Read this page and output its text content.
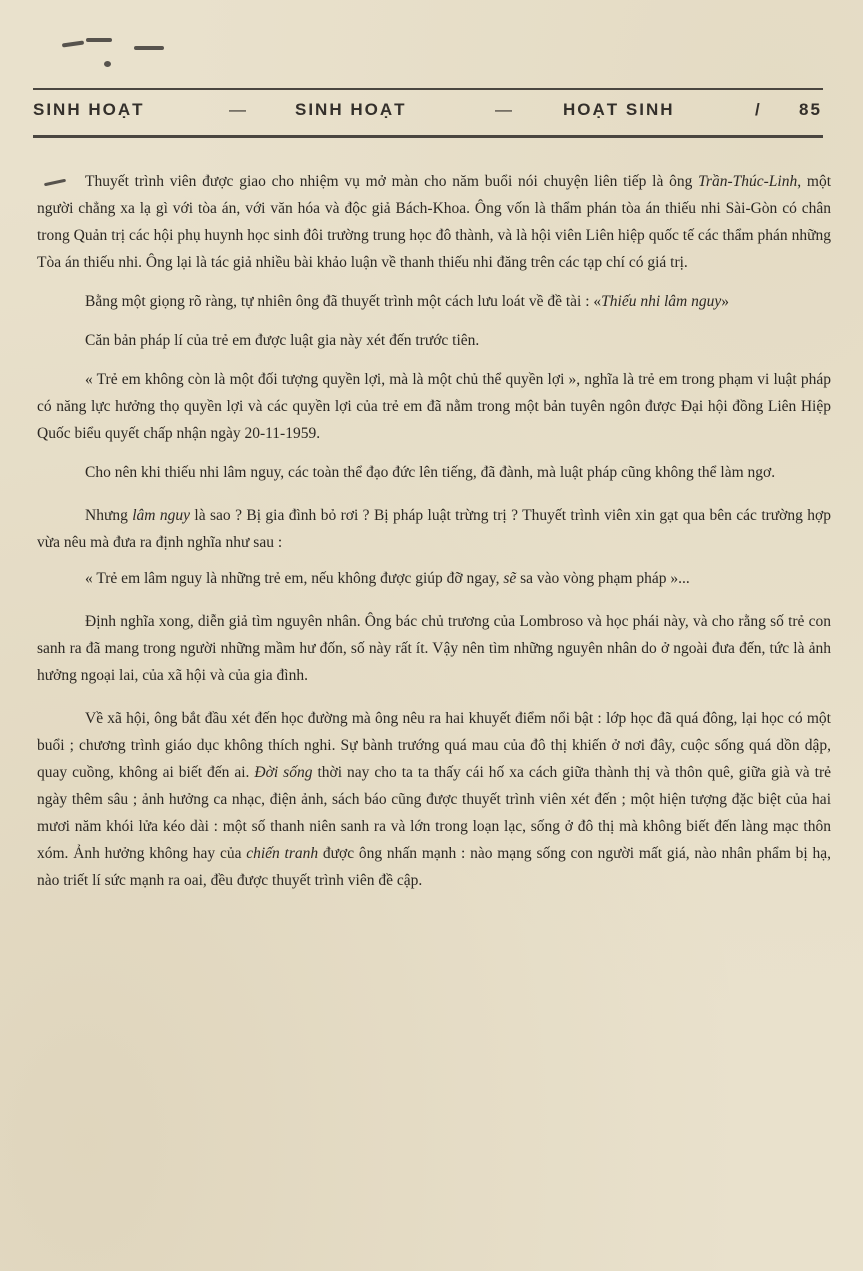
SINH HOẠT	—	SINH HOẠT	—	HOẠT SINH	/ 85

Thuyết trình viên được giao cho nhiệm vụ mở màn cho năm buổi nói chuyện liên tiếp là ông Trần-Thúc-Linh, một người chẳng xa lạ gì với tòa án, với văn hóa và độc giả Bách-Khoa. Ông vốn là thẩm phán tòa án thiếu nhi Sài-Gòn có chân trong Quản trị các hội phụ huynh học sinh đôi trường trung học đô thành, và là hội viên Liên hiệp quốc tế các thẩm phán những Tòa án thiếu nhi. Ông lại là tác giả nhiều bài khảo luận về thanh thiếu nhi đăng trên các tạp chí có giá trị.

Bằng một giọng rõ ràng, tự nhiên ông đã thuyết trình một cách lưu loát về đề tài : «Thiếu nhi lâm nguy»

Căn bản pháp lí của trẻ em được luật gia này xét đến trước tiên.

« Trẻ em không còn là một đối tượng quyền lợi, mà là một chủ thể quyền lợi », nghĩa là trẻ em trong phạm vi luật pháp có năng lực hưởng thọ quyền lợi và các quyền lợi của trẻ em đã nằm trong một bản tuyên ngôn được Đại hội đồng Liên Hiệp Quốc biểu quyết chấp nhận ngày 20-11-1959.

Cho nên khi thiếu nhi lâm nguy, các toàn thể đạo đức lên tiếng, đã đành, mà luật pháp cũng không thể làm ngơ.

Nhưng lâm nguy là sao ? Bị gia đình bỏ rơi ? Bị pháp luật trừng trị ? Thuyết trình viên xin gạt qua bên các trường hợp vừa nêu mà đưa ra định nghĩa như sau :

« Trẻ em lâm nguy là những trẻ em, nếu không được giúp đỡ ngay, sẽ sa vào vòng phạm pháp »...

Định nghĩa xong, diễn giả tìm nguyên nhân. Ông bác chủ trương của Lombroso và học phái này, và cho rằng số trẻ con sanh ra đã mang trong người những mầm hư đốn, số này rất ít. Vậy nên tìm những nguyên nhân do ở ngoài đưa đến, tức là ảnh hưởng ngoại lai, của xã hội và của gia đình.

Về xã hội, ông bắt đầu xét đến học đường mà ông nêu ra hai khuyết điểm nổi bật : lớp học đã quá đông, lại học có một buổi ; chương trình giáo dục không thích nghi. Sự bành trướng quá mau của đô thị khiến ở nơi đây, cuộc sống quá dồn dập, quay cuồng, không ai biết đến ai. Đời sống thời nay cho ta ta thấy cái hố xa cách giữa thành thị và thôn quê, giữa già và trẻ ngày thêm sâu ; ảnh hưởng ca nhạc, điện ảnh, sách báo cũng được thuyết trình viên xét đến ; một hiện tượng đặc biệt của hai mươi năm khói lửa kéo dài : một số thanh niên sanh ra và lớn trong loạn lạc, sống ở đô thị mà không biết đến làng mạc thôn xóm. Ảnh hưởng không hay của chiến tranh được ông nhấn mạnh : nào mạng sống con người mất giá, nào nhân phẩm bị hạ, nào triết lí sức mạnh ra oai, đều được thuyết trình viên đề cập.
